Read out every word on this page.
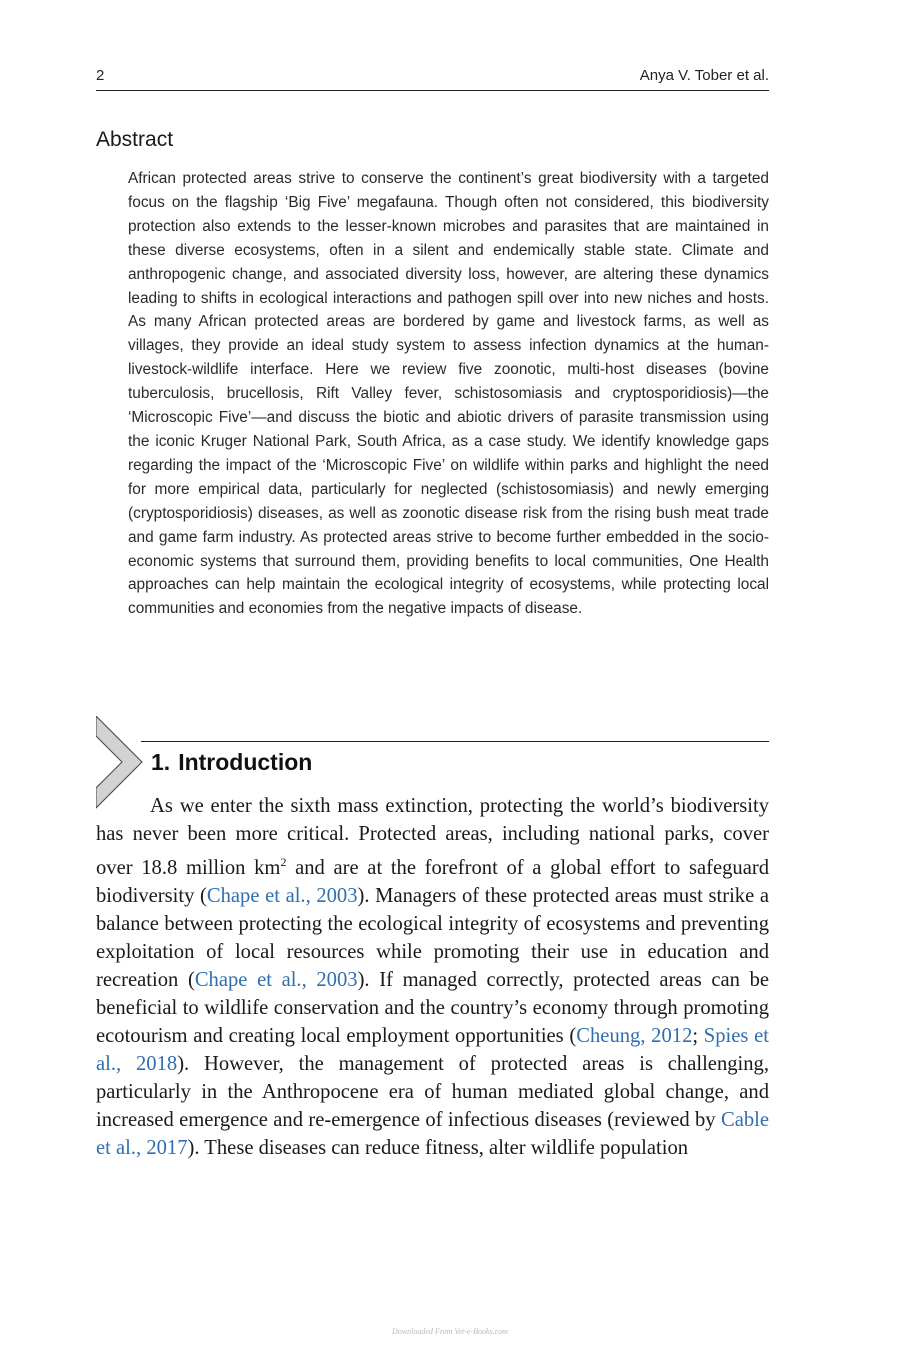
2	Anya V. Tober et al.
Abstract

African protected areas strive to conserve the continent’s great biodiversity with a targeted focus on the flagship ‘Big Five’ megafauna. Though often not considered, this biodiversity protection also extends to the lesser-known microbes and parasites that are maintained in these diverse ecosystems, often in a silent and endemically stable state. Climate and anthropogenic change, and associated diversity loss, however, are altering these dynamics leading to shifts in ecological interactions and pathogen spill over into new niches and hosts. As many African protected areas are bordered by game and livestock farms, as well as villages, they provide an ideal study system to assess infection dynamics at the human-livestock-wildlife interface. Here we review five zoonotic, multi-host diseases (bovine tuberculosis, brucellosis, Rift Valley fever, schistosomiasis and cryptosporidiosis)—the ‘Microscopic Five’—and discuss the biotic and abiotic drivers of parasite transmission using the iconic Kruger National Park, South Africa, as a case study. We identify knowledge gaps regarding the impact of the ‘Microscopic Five’ on wildlife within parks and highlight the need for more empirical data, particularly for neglected (schistosomiasis) and newly emerging (cryptosporidiosis) diseases, as well as zoonotic disease risk from the rising bush meat trade and game farm industry. As protected areas strive to become further embedded in the socio-economic systems that surround them, providing benefits to local communities, One Health approaches can help maintain the ecological integrity of ecosystems, while protecting local communities and economies from the negative impacts of disease.

1. Introduction

As we enter the sixth mass extinction, protecting the world’s biodiversity has never been more critical. Protected areas, including national parks, cover over 18.8 million $km^2$ and are at the forefront of a global effort to safeguard biodiversity (Chape et al., 2003). Managers of these protected areas must strike a balance between protecting the ecological integrity of ecosystems and preventing exploitation of local resources while promoting their use in education and recreation (Chape et al., 2003). If managed correctly, protected areas can be beneficial to wildlife conservation and the country’s economy through promoting ecotourism and creating local employment opportunities (Cheung, 2012; Spies et al., 2018). However, the management of protected areas is challenging, particularly in the Anthropocene era of human mediated global change, and increased emergence and re-emergence of infectious diseases (reviewed by Cable et al., 2017). These diseases can reduce fitness, alter wildlife population

Downloaded From Vet-e-Books.com
